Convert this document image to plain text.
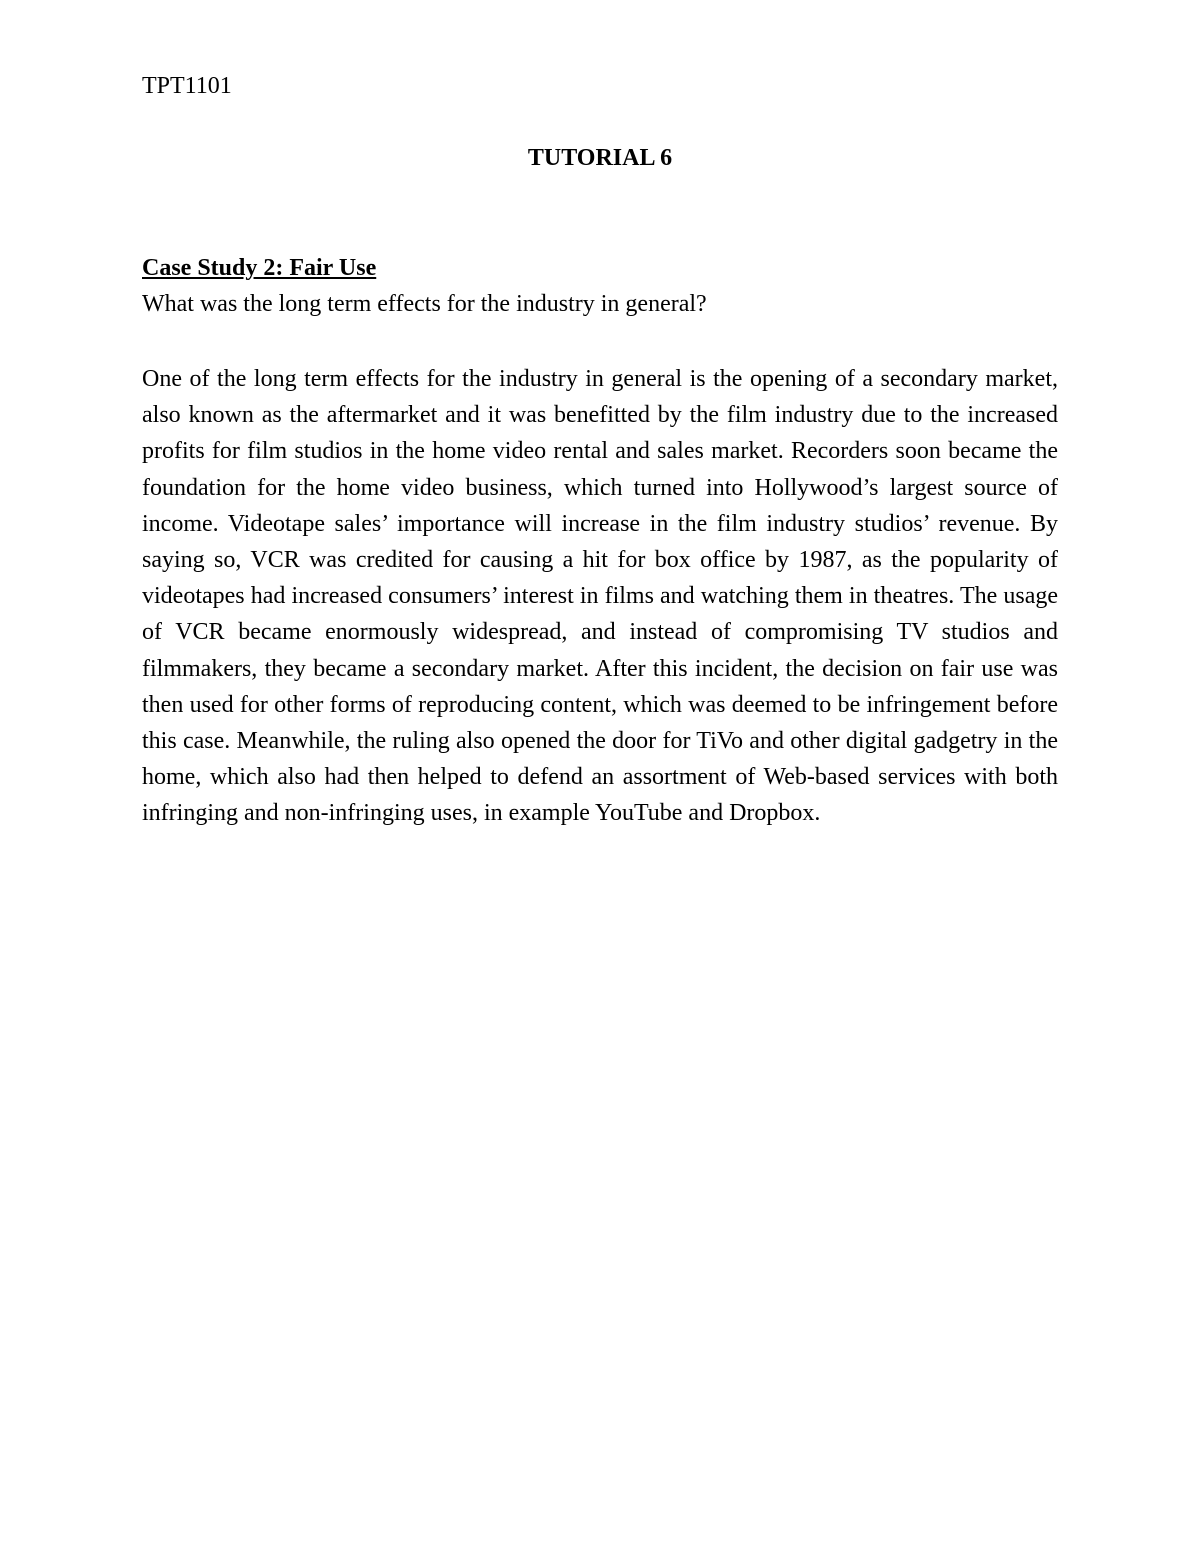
TPT1101

TUTORIAL 6
Case Study 2: Fair Use

What was the long term effects for the industry in general?

One of the long term effects for the industry in general is the opening of a secondary market, also known as the aftermarket and it was benefitted by the film industry due to the increased profits for film studios in the home video rental and sales market. Recorders soon became the foundation for the home video business, which turned into Hollywood’s largest source of income. Videotape sales’ importance will increase in the film industry studios’ revenue. By saying so, VCR was credited for causing a hit for box office by 1987, as the popularity of videotapes had increased consumers’ interest in films and watching them in theatres. The usage of VCR became enormously widespread, and instead of compromising TV studios and filmmakers, they became a secondary market. After this incident, the decision on fair use was then used for other forms of reproducing content, which was deemed to be infringement before this case. Meanwhile, the ruling also opened the door for TiVo and other digital gadgetry in the home, which also had then helped to defend an assortment of Web-based services with both infringing and non-infringing uses, in example YouTube and Dropbox.
